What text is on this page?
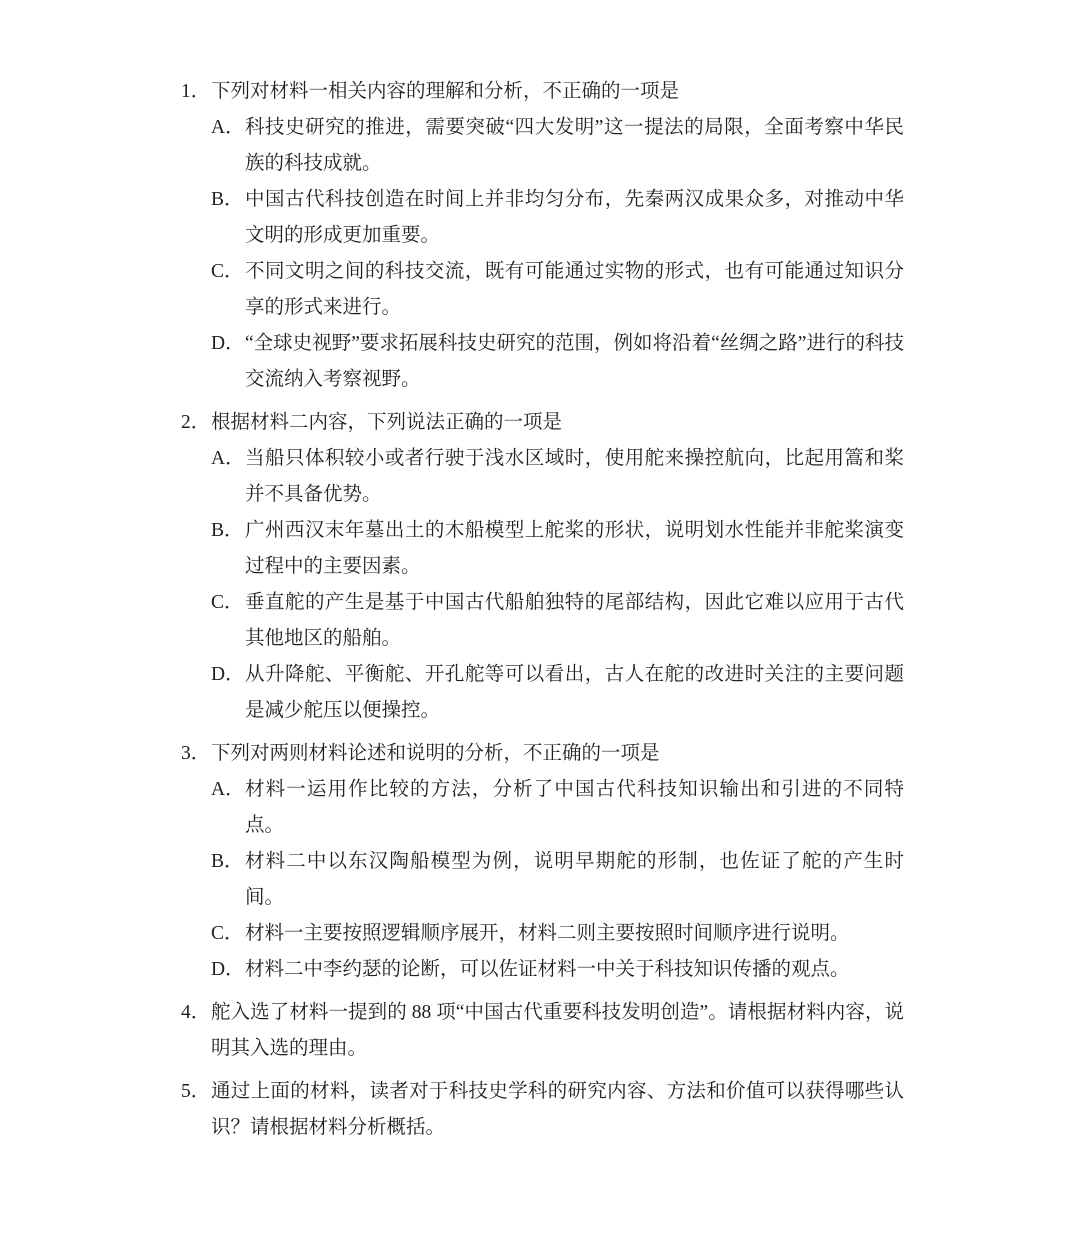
1． 下列对材料一相关内容的理解和分析，不正确的一项是
A． 科技史研究的推进，需要突破“四大发明”这一提法的局限，全面考察中华民族的科技成就。
B． 中国古代科技创造在时间上并非均匀分布，先秦两汉成果众多，对推动中华文明的形成更加重要。
C． 不同文明之间的科技交流，既有可能通过实物的形式，也有可能通过知识分享的形式来进行。
D． “全球史视野”要求拓展科技史研究的范围，例如将沿着“丝绸之路”进行的科技交流纳入考察视野。
2． 根据材料二内容，下列说法正确的一项是
A． 当船只体积较小或者行驶于浅水区域时，使用舵来操控航向，比起用篙和桨并不具备优势。
B． 广州西汉末年墓出土的木船模型上舵桨的形状，说明划水性能并非舵桨演变过程中的主要因素。
C． 垂直舵的产生是基于中国古代船舶独特的尾部结构，因此它难以应用于古代其他地区的船舶。
D． 从升降舵、平衡舵、开孔舵等可以看出，古人在舵的改进时关注的主要问题是减少舵压以便操控。
3． 下列对两则材料论述和说明的分析，不正确的一项是
A． 材料一运用作比较的方法，分析了中国古代科技知识输出和引进的不同特点。
B． 材料二中以东汉陶船模型为例，说明早期舵的形制，也佐证了舵的产生时间。
C． 材料一主要按照逻辑顺序展开，材料二则主要按照时间顺序进行说明。
D． 材料二中李约瑟的论断，可以佐证材料一中关于科技知识传播的观点。
4． 舵入选了材料一提到的 88 项“中国古代重要科技发明创造”。请根据材料内容，说明其入选的理由。
5． 通过上面的材料，读者对于科技史学科的研究内容、方法和价值可以获得哪些认识？请根据材料分析概括。
